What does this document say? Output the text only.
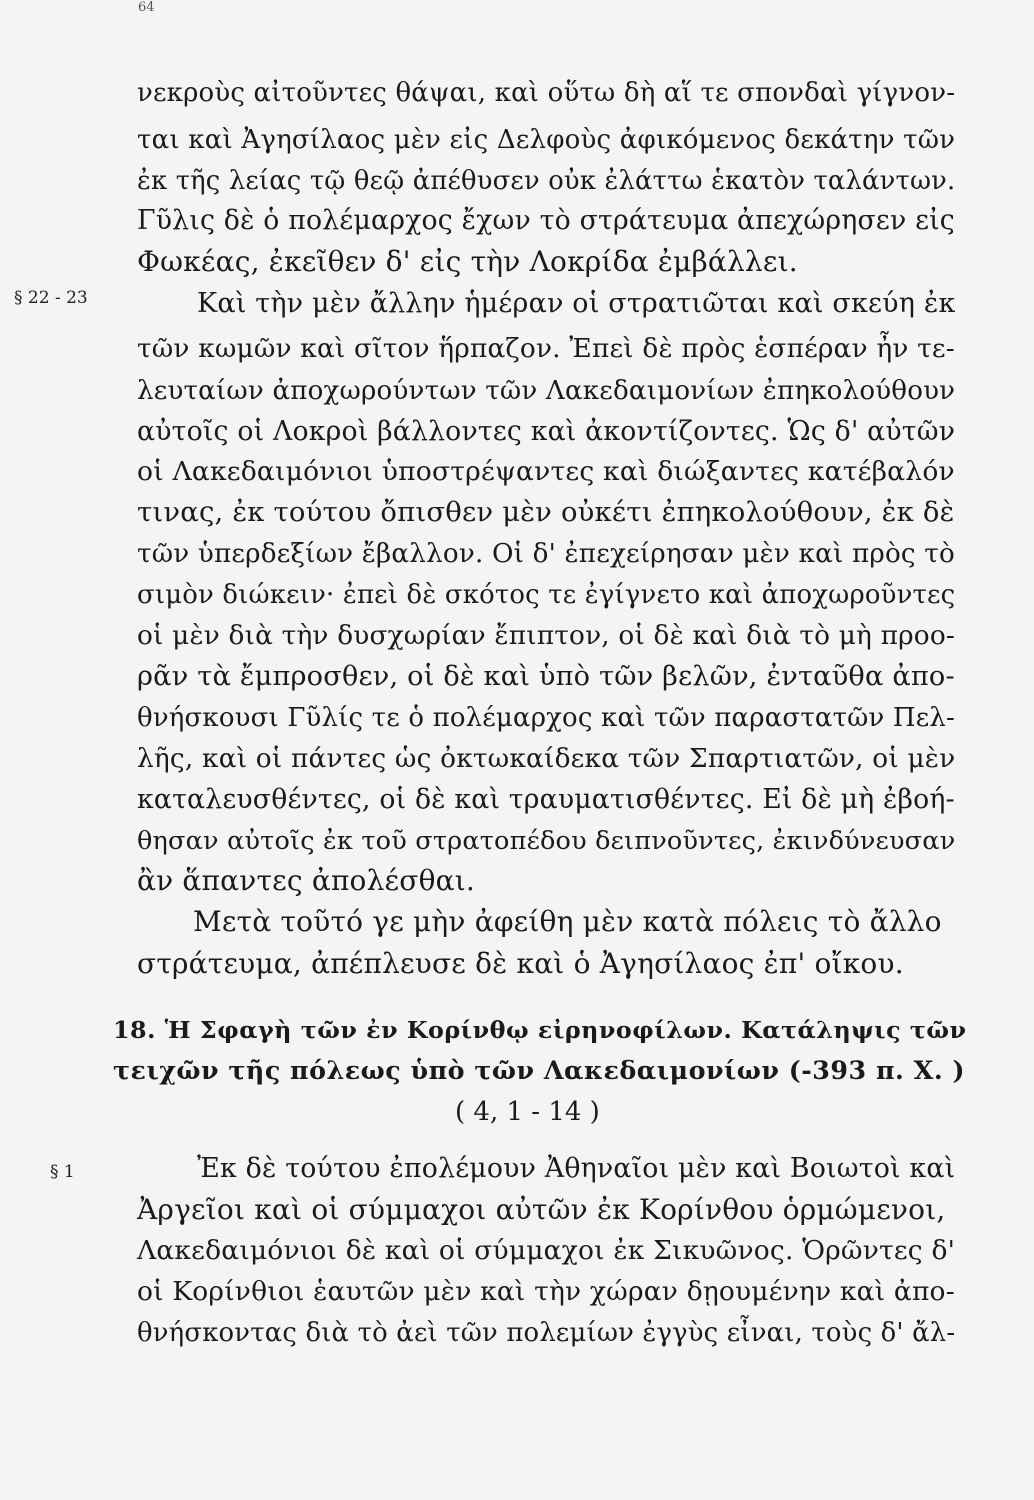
64
νεκροὺς αἰτοῦντες θάψαι, καὶ οὕτω δὴ αἵ τε σπονδαὶ γίγνον-
ται καὶ Ἀγησίλαος μὲν εἰς Δελφοὺς ἀφικόμενος δεκάτην τῶν
ἐκ τῆς λείας τῷ θεῷ ἀπέθυσεν οὐκ ἐλάττω ἑκατὸν ταλάντων.
Γῦλις δὲ ὁ πολέμαρχος ἔχων τὸ στράτευμα ἀπεχώρησεν εἰς
Φωκέας, ἐκεῖθεν δ' εἰς τὴν Λοκρίδα ἐμβάλλει.
§ 22 - 23	Καὶ τὴν μὲν ἄλλην ἡμέραν οἱ στρατιῶται καὶ σκεύη ἐκ
τῶν κωμῶν καὶ σῖτον ἥρπαζον. Ἐπεὶ δὲ πρὸς ἑσπέραν ἦν τε-
λευταίων ἀποχωρούντων τῶν Λακεδαιμονίων ἐπηκολούθουν
αὐτοῖς οἱ Λοκροὶ βάλλοντες καὶ ἀκοντίζοντες. Ὡς δ' αὐτῶν
οἱ Λακεδαιμόνιοι ὑποστρέψαντες καὶ διώξαντες κατέβαλόν
τινας, ἐκ τούτου ὄπισθεν μὲν οὐκέτι ἐπηκολούθουν, ἐκ δὲ
τῶν ὑπερδεξίων ἔβαλλον. Οἱ δ' ἐπεχείρησαν μὲν καὶ πρὸς τὸ
σιμὸν διώκειν· ἐπεὶ δὲ σκότος τε ἐγίγνετο καὶ ἀποχωροῦντες
οἱ μὲν διὰ τὴν δυσχωρίαν ἔπιπτον, οἱ δὲ καὶ διὰ τὸ μὴ προο-
ρᾶν τὰ ἔμπροσθεν, οἱ δὲ καὶ ὑπὸ τῶν βελῶν, ἐνταῦθα ἀπο-
θνήσκουσι Γῦλίς τε ὁ πολέμαρχος καὶ τῶν παραστατῶν Πελ-
λῆς, καὶ οἱ πάντες ὡς ὀκτωκαίδεκα τῶν Σπαρτιατῶν, οἱ μὲν
καταλευσθέντες, οἱ δὲ καὶ τραυματισθέντες. Εἰ δὲ μὴ ἐβοή-
θησαν αὐτοῖς ἐκ τοῦ στρατοπέδου δειπνοῦντες, ἐκινδύνευσαν
ἂν ἅπαντες ἀπολέσθαι.
Μετὰ τοῦτό γε μὴν ἀφείθη μὲν κατὰ πόλεις τὸ ἄλλο
στράτευμα, ἀπέπλευσε δὲ καὶ ὁ Ἀγησίλαος ἐπ' οἴκου.
18. Ἡ Σφαγὴ τῶν ἐν Κορίνθῳ εἰρηνοφίλων. Κατάληψις τῶν
τειχῶν τῆς πόλεως ὑπὸ τῶν Λακεδαιμονίων (-393 π. Χ. )
( 4, 1 - 14 )
§ 1	Ἐκ δὲ τούτου ἐπολέμουν Ἀθηναῖοι μὲν καὶ Βοιωτοὶ καὶ
Ἀργεῖοι καὶ οἱ σύμμαχοι αὐτῶν ἐκ Κορίνθου ὁρμώμενοι,
Λακεδαιμόνιοι δὲ καὶ οἱ σύμμαχοι ἐκ Σικυῶνος. Ὁρῶντες δ'
οἱ Κορίνθιοι ἑαυτῶν μὲν καὶ τὴν χώραν δῃουμένην καὶ ἀπο-
θνήσκοντας διὰ τὸ ἀεὶ τῶν πολεμίων ἐγγὺς εἶναι, τοὺς δ' ἄλ-
